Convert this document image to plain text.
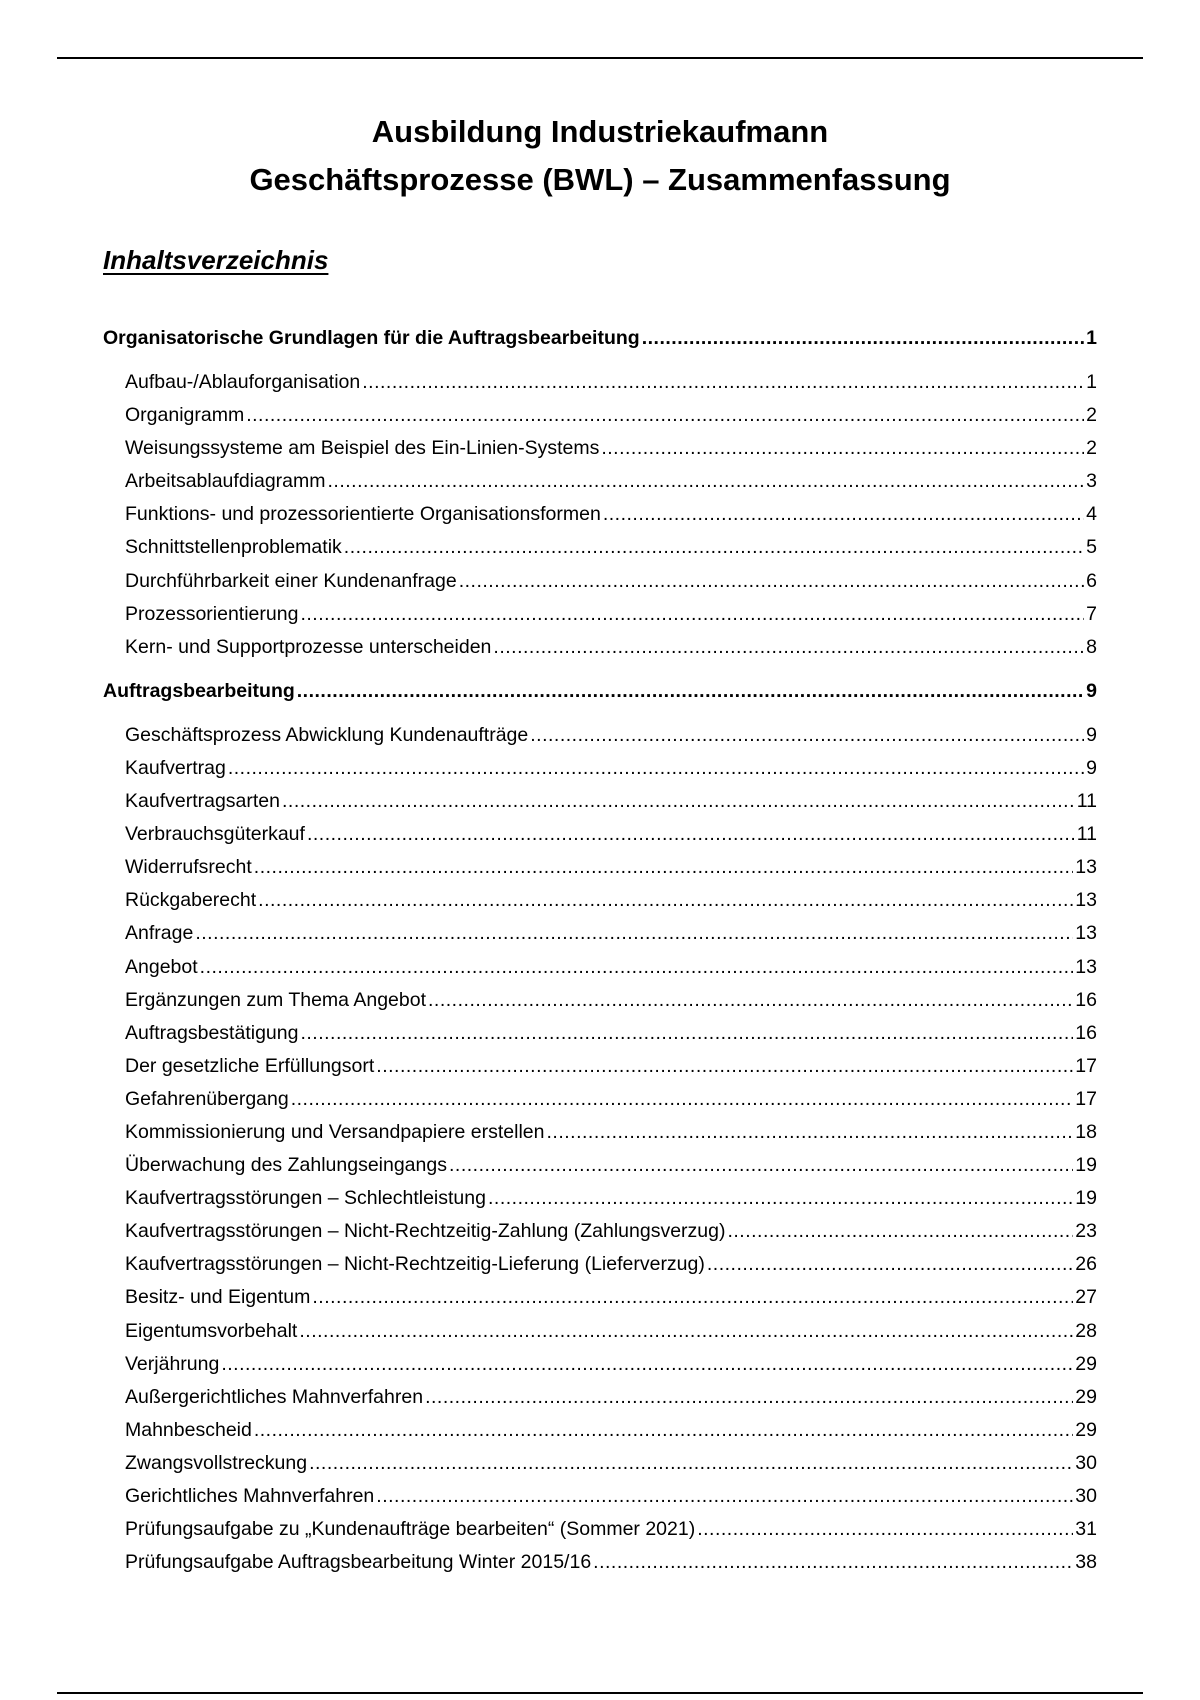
Ausbildung Industriekaufmann
Geschäftsprozesse (BWL) – Zusammenfassung
Inhaltsverzeichnis
Organisatorische Grundlagen für die Auftragsbearbeitung .....	1
Aufbau-/Ablauforganisation .....	1
Organigramm .....	2
Weisungssysteme am Beispiel des Ein-Linien-Systems .....	2
Arbeitsablaufdiagramm .....	3
Funktions- und prozessorientierte Organisationsformen .....	4
Schnittstellenproblematik .....	5
Durchführbarkeit einer Kundenanfrage .....	6
Prozessorientierung .....	7
Kern- und Supportprozesse unterscheiden .....	8
Auftragsbearbeitung .....	9
Geschäftsprozess Abwicklung Kundenaufträge .....	9
Kaufvertrag .....	9
Kaufvertragsarten .....	11
Verbrauchsgüterkauf .....	11
Widerrufsrecht .....	13
Rückgaberecht .....	13
Anfrage .....	13
Angebot .....	13
Ergänzungen zum Thema Angebot .....	16
Auftragsbestätigung .....	16
Der gesetzliche Erfüllungsort .....	17
Gefahrenübergang .....	17
Kommissionierung und Versandpapiere erstellen .....	18
Überwachung des Zahlungseingangs .....	19
Kaufvertragsstörungen – Schlechtleistung .....	19
Kaufvertragsstörungen – Nicht-Rechtzeitig-Zahlung (Zahlungsverzug) .....	23
Kaufvertragsstörungen – Nicht-Rechtzeitig-Lieferung (Lieferverzug) .....	26
Besitz- und Eigentum .....	27
Eigentumsvorbehalt .....	28
Verjährung .....	29
Außergerichtliches Mahnverfahren .....	29
Mahnbescheid .....	29
Zwangsvollstreckung .....	30
Gerichtliches Mahnverfahren .....	30
Prüfungsaufgabe zu „Kundenaufträge bearbeiten“ (Sommer 2021) .....	31
Prüfungsaufgabe Auftragsbearbeitung Winter 2015/16 .....	38
